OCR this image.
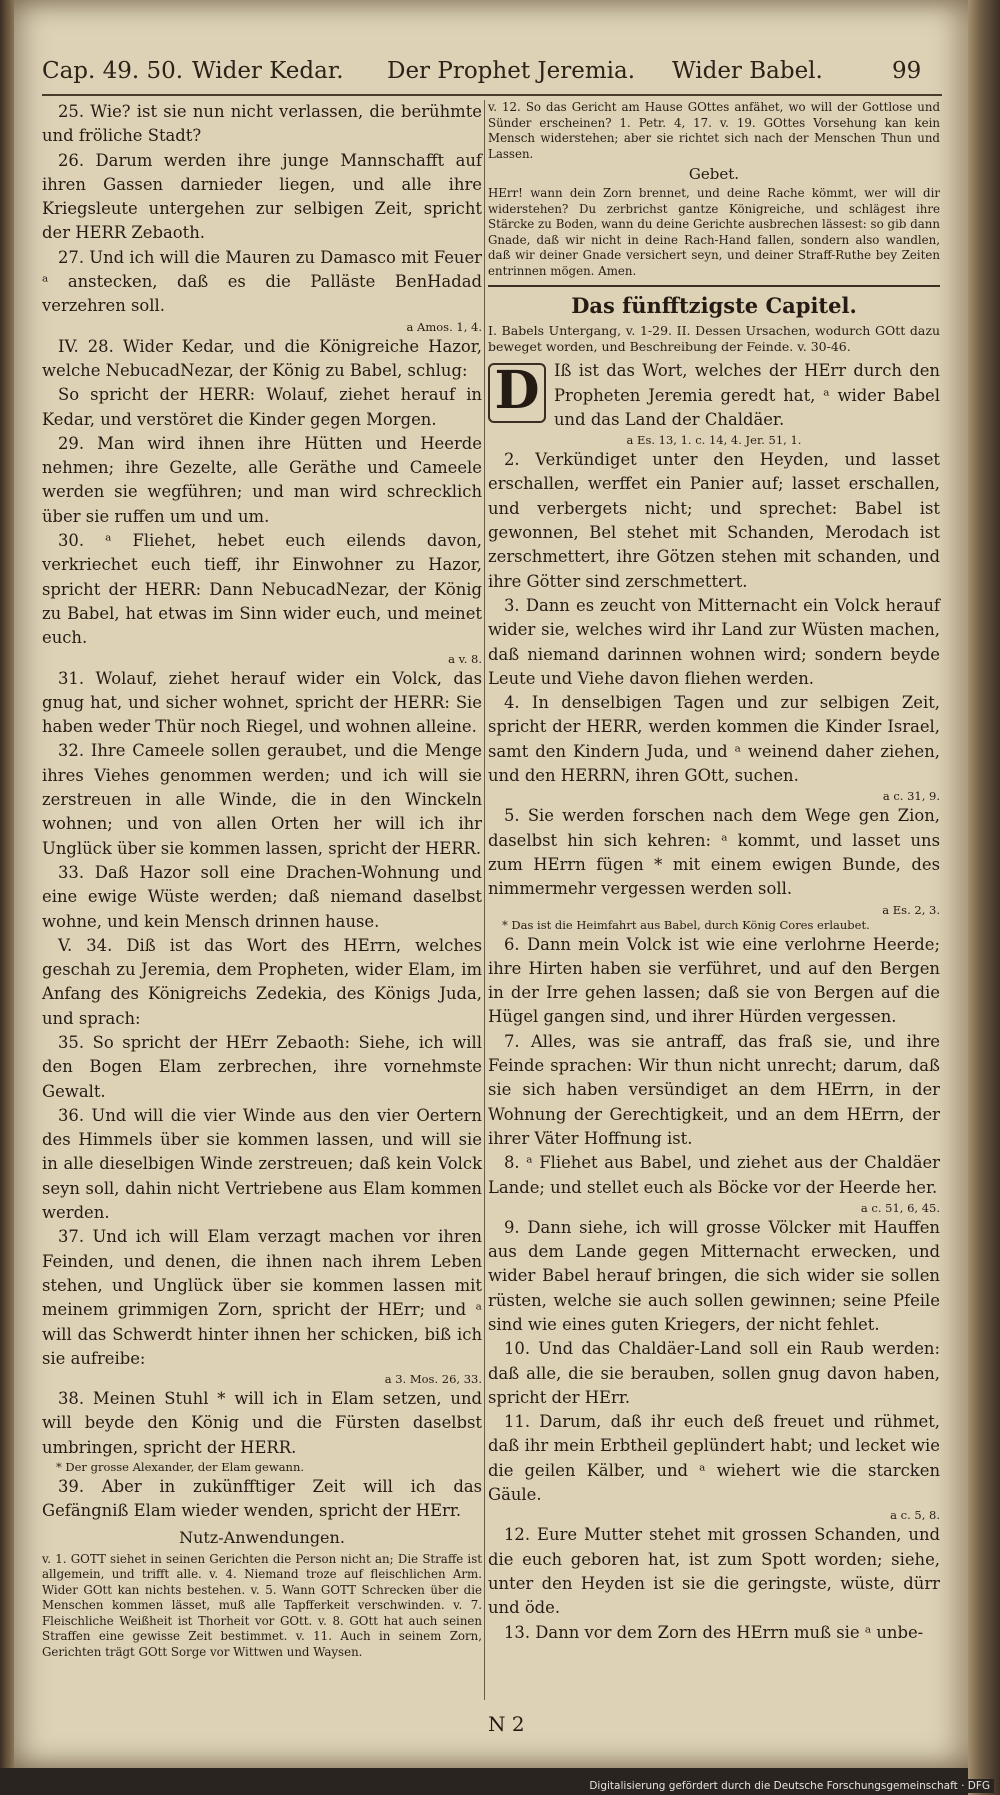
Cap. 49. 50. Wider Kedar. Der Prophet Jeremia. Wider Babel.	99

25. Wie? ist sie nun nicht verlassen, die berühmte und fröliche Stadt?

26. Darum werden ihre junge Mannschafft auf ihren Gassen darnieder liegen, und alle ihre Kriegsleute untergehen zur selbigen Zeit, spricht der HERR Zebaoth.

27. Und ich will die Mauren zu Damasco mit Feuer ᵃ anstecken, daß es die Palläste BenHadad verzehren soll.

a Amos. 1, 4.

IV. 28. Wider Kedar, und die Königreiche Hazor, welche NebucadNezar, der König zu Babel, schlug:

So spricht der HERR: Wolauf, ziehet herauf in Kedar, und verstöret die Kinder gegen Morgen.

29. Man wird ihnen ihre Hütten und Heerde nehmen; ihre Gezelte, alle Geräthe und Cameele werden sie wegführen; und man wird schrecklich über sie ruffen um und um.

30. ᵃ Fliehet, hebet euch eilends davon, verkriechet euch tieff, ihr Einwohner zu Hazor, spricht der HERR: Dann NebucadNezar, der König zu Babel, hat etwas im Sinn wider euch, und meinet euch.

a v. 8.

31. Wolauf, ziehet herauf wider ein Volck, das gnug hat, und sicher wohnet, spricht der HERR: Sie haben weder Thür noch Riegel, und wohnen alleine.

32. Ihre Cameele sollen geraubet, und die Menge ihres Viehes genommen werden; und ich will sie zerstreuen in alle Winde, die in den Winckeln wohnen; und von allen Orten her will ich ihr Unglück über sie kommen lassen, spricht der HERR.

33. Daß Hazor soll eine Drachen-Wohnung und eine ewige Wüste werden; daß niemand daselbst wohne, und kein Mensch drinnen hause.

V. 34. Diß ist das Wort des HErrn, welches geschah zu Jeremia, dem Propheten, wider Elam, im Anfang des Königreichs Zedekia, des Königs Juda, und sprach:

35. So spricht der HErr Zebaoth: Siehe, ich will den Bogen Elam zerbrechen, ihre vornehmste Gewalt.

36. Und will die vier Winde aus den vier Oertern des Himmels über sie kommen lassen, und will sie in alle dieselbigen Winde zerstreuen; daß kein Volck seyn soll, dahin nicht Vertriebene aus Elam kommen werden.

37. Und ich will Elam verzagt machen vor ihren Feinden, und denen, die ihnen nach ihrem Leben stehen, und Unglück über sie kommen lassen mit meinem grimmigen Zorn, spricht der HErr; und ᵃ will das Schwerdt hinter ihnen her schicken, biß ich sie aufreibe:

a 3. Mos. 26, 33.

38. Meinen Stuhl * will ich in Elam setzen, und will beyde den König und die Fürsten daselbst umbringen, spricht der HERR.

* Der grosse Alexander, der Elam gewann.

39. Aber in zukünfftiger Zeit will ich das Gefängniß Elam wieder wenden, spricht der HErr.

Nutz-Anwendungen.

v. 1. GOTT siehet in seinen Gerichten die Person nicht an; Die Straffe ist allgemein, und trifft alle. v. 4. Niemand troze auf fleischlichen Arm. Wider GOtt kan nichts bestehen. v. 5. Wann GOTT Schrecken über die Menschen kommen lässet, muß alle Tapfferkeit verschwinden. v. 7. Fleischliche Weißheit ist Thorheit vor GOtt. v. 8. GOtt hat auch seinen Straffen eine gewisse Zeit bestimmet. v. 11. Auch in seinem Zorn, Gerichten trägt GOtt Sorge vor Wittwen und Waysen.

v. 12. So das Gericht am Hause GOttes anfähet, wo will der Gottlose und Sünder erscheinen? 1. Petr. 4, 17. v. 19. GOttes Vorsehung kan kein Mensch widerstehen; aber sie richtet sich nach der Menschen Thun und Lassen.

Gebet.

HErr! wann dein Zorn brennet, und deine Rache kömmt, wer will dir widerstehen? Du zerbrichst gantze Königreiche, und schlägest ihre Stärcke zu Boden, wann du deine Gerichte ausbrechen lässest: so gib dann Gnade, daß wir nicht in deine Rach-Hand fallen, sondern also wandlen, daß wir deiner Gnade versichert seyn, und deiner Straff-Ruthe bey Zeiten entrinnen mögen. Amen.

Das fünfftzigste Capitel.

I. Babels Untergang, v. 1-29. II. Dessen Ursachen, wodurch GOtt dazu beweget worden, und Beschreibung der Feinde. v. 30-46.

D Iß ist das Wort, welches der HErr durch den Propheten Jeremia geredt hat, ᵃ wider Babel und das Land der Chaldäer.

a Es. 13, 1. c. 14, 4. Jer. 51, 1.

2. Verkündiget unter den Heyden, und lasset erschallen, werffet ein Panier auf; lasset erschallen, und verbergets nicht; und sprechet: Babel ist gewonnen, Bel stehet mit Schanden, Merodach ist zerschmettert, ihre Götzen stehen mit schanden, und ihre Götter sind zerschmettert.

3. Dann es zeucht von Mitternacht ein Volck herauf wider sie, welches wird ihr Land zur Wüsten machen, daß niemand darinnen wohnen wird; sondern beyde Leute und Viehe davon fliehen werden.

4. In denselbigen Tagen und zur selbigen Zeit, spricht der HERR, werden kommen die Kinder Israel, samt den Kindern Juda, und ᵃ weinend daher ziehen, und den HERRN, ihren GOtt, suchen.

a c. 31, 9.

5. Sie werden forschen nach dem Wege gen Zion, daselbst hin sich kehren: ᵃ kommt, und lasset uns zum HErrn fügen * mit einem ewigen Bunde, des nimmermehr vergessen werden soll.

a Es. 2, 3.

* Das ist die Heimfahrt aus Babel, durch König Cores erlaubet.

6. Dann mein Volck ist wie eine verlohrne Heerde; ihre Hirten haben sie verführet, und auf den Bergen in der Irre gehen lassen; daß sie von Bergen auf die Hügel gangen sind, und ihrer Hürden vergessen.

7. Alles, was sie antraff, das fraß sie, und ihre Feinde sprachen: Wir thun nicht unrecht; darum, daß sie sich haben versündiget an dem HErrn, in der Wohnung der Gerechtigkeit, und an dem HErrn, der ihrer Väter Hoffnung ist.

8. ᵃ Fliehet aus Babel, und ziehet aus der Chaldäer Lande; und stellet euch als Böcke vor der Heerde her.

a c. 51, 6, 45.

9. Dann siehe, ich will grosse Völcker mit Hauffen aus dem Lande gegen Mitternacht erwecken, und wider Babel herauf bringen, die sich wider sie sollen rüsten, welche sie auch sollen gewinnen; seine Pfeile sind wie eines guten Kriegers, der nicht fehlet.

10. Und das Chaldäer-Land soll ein Raub werden: daß alle, die sie berauben, sollen gnug davon haben, spricht der HErr.

11. Darum, daß ihr euch deß freuet und rühmet, daß ihr mein Erbtheil geplündert habt; und lecket wie die geilen Kälber, und ᵃ wiehert wie die starcken Gäule.

a c. 5, 8.

12. Eure Mutter stehet mit grossen Schanden, und die euch geboren hat, ist zum Spott worden; siehe, unter den Heyden ist sie die geringste, wüste, dürr und öde.

13. Dann vor dem Zorn des HErrn muß sie ᵃ unbe-

N 2
Digitalisierung gefördert durch die Deutsche Forschungsgemeinschaft · DFG
